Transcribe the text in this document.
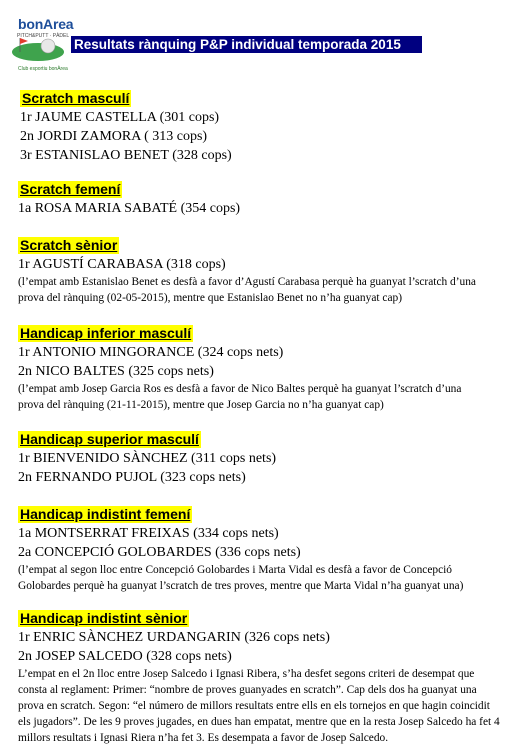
bonArea
PITCH&PUTT · PÀDEL
Club esportiu bonÀrea
Resultats rànquing P&P individual temporada 2015
Scratch masculí
1r JAUME CASTELLA (301 cops)
2n JORDI ZAMORA ( 313 cops)
3r ESTANISLAO BENET (328 cops)
Scratch femení
1a ROSA MARIA SABATÉ (354 cops)
Scratch sènior
1r AGUSTÍ CARABASA (318 cops)
(l’empat amb Estanislao Benet es desfà a favor d’Agustí Carabasa perquè ha guanyat l’scratch d’una
prova del rànquing (02-05-2015), mentre que Estanislao Benet no n’ha guanyat cap)
Handicap inferior masculí
1r ANTONIO MINGORANCE (324 cops nets)
2n NICO BALTES (325 cops nets)
(l’empat amb Josep Garcia Ros es desfà a favor de Nico Baltes perquè ha guanyat l’scratch d’una
prova del rànquing (21-11-2015), mentre que Josep Garcia no n’ha guanyat cap)
Handicap superior masculí
1r BIENVENIDO SÀNCHEZ (311 cops nets)
2n FERNANDO PUJOL (323 cops nets)
Handicap indistint femení
1a MONTSERRAT FREIXAS (334 cops nets)
2a CONCEPCIÓ GOLOBARDES (336 cops nets)
(l’empat al segon lloc entre Concepció Golobardes i Marta Vidal es desfà a favor de Concepció
Golobardes perquè ha guanyat l’scratch de tres proves, mentre que Marta Vidal n’ha guanyat una)
Handicap indistint sènior
1r ENRIC SÀNCHEZ URDANGARIN (326 cops nets)
2n JOSEP SALCEDO (328 cops nets)
L’empat en el 2n lloc entre Josep Salcedo i Ignasi Ribera, s’ha desfet segons criteri de desempat que consta al reglament: Primer: “nombre de proves guanyades en scratch”. Cap dels dos ha guanyat una prova en scratch. Segon: “el número de millors resultats entre ells en els tornejos en que hagin coincidit els jugadors”. De les 9 proves jugades, en dues han empatat, mentre que en la resta Josep Salcedo ha fet 4 millors resultats i Ignasi Riera n’ha fet 3. Es desempata a favor de Josep Salcedo.
